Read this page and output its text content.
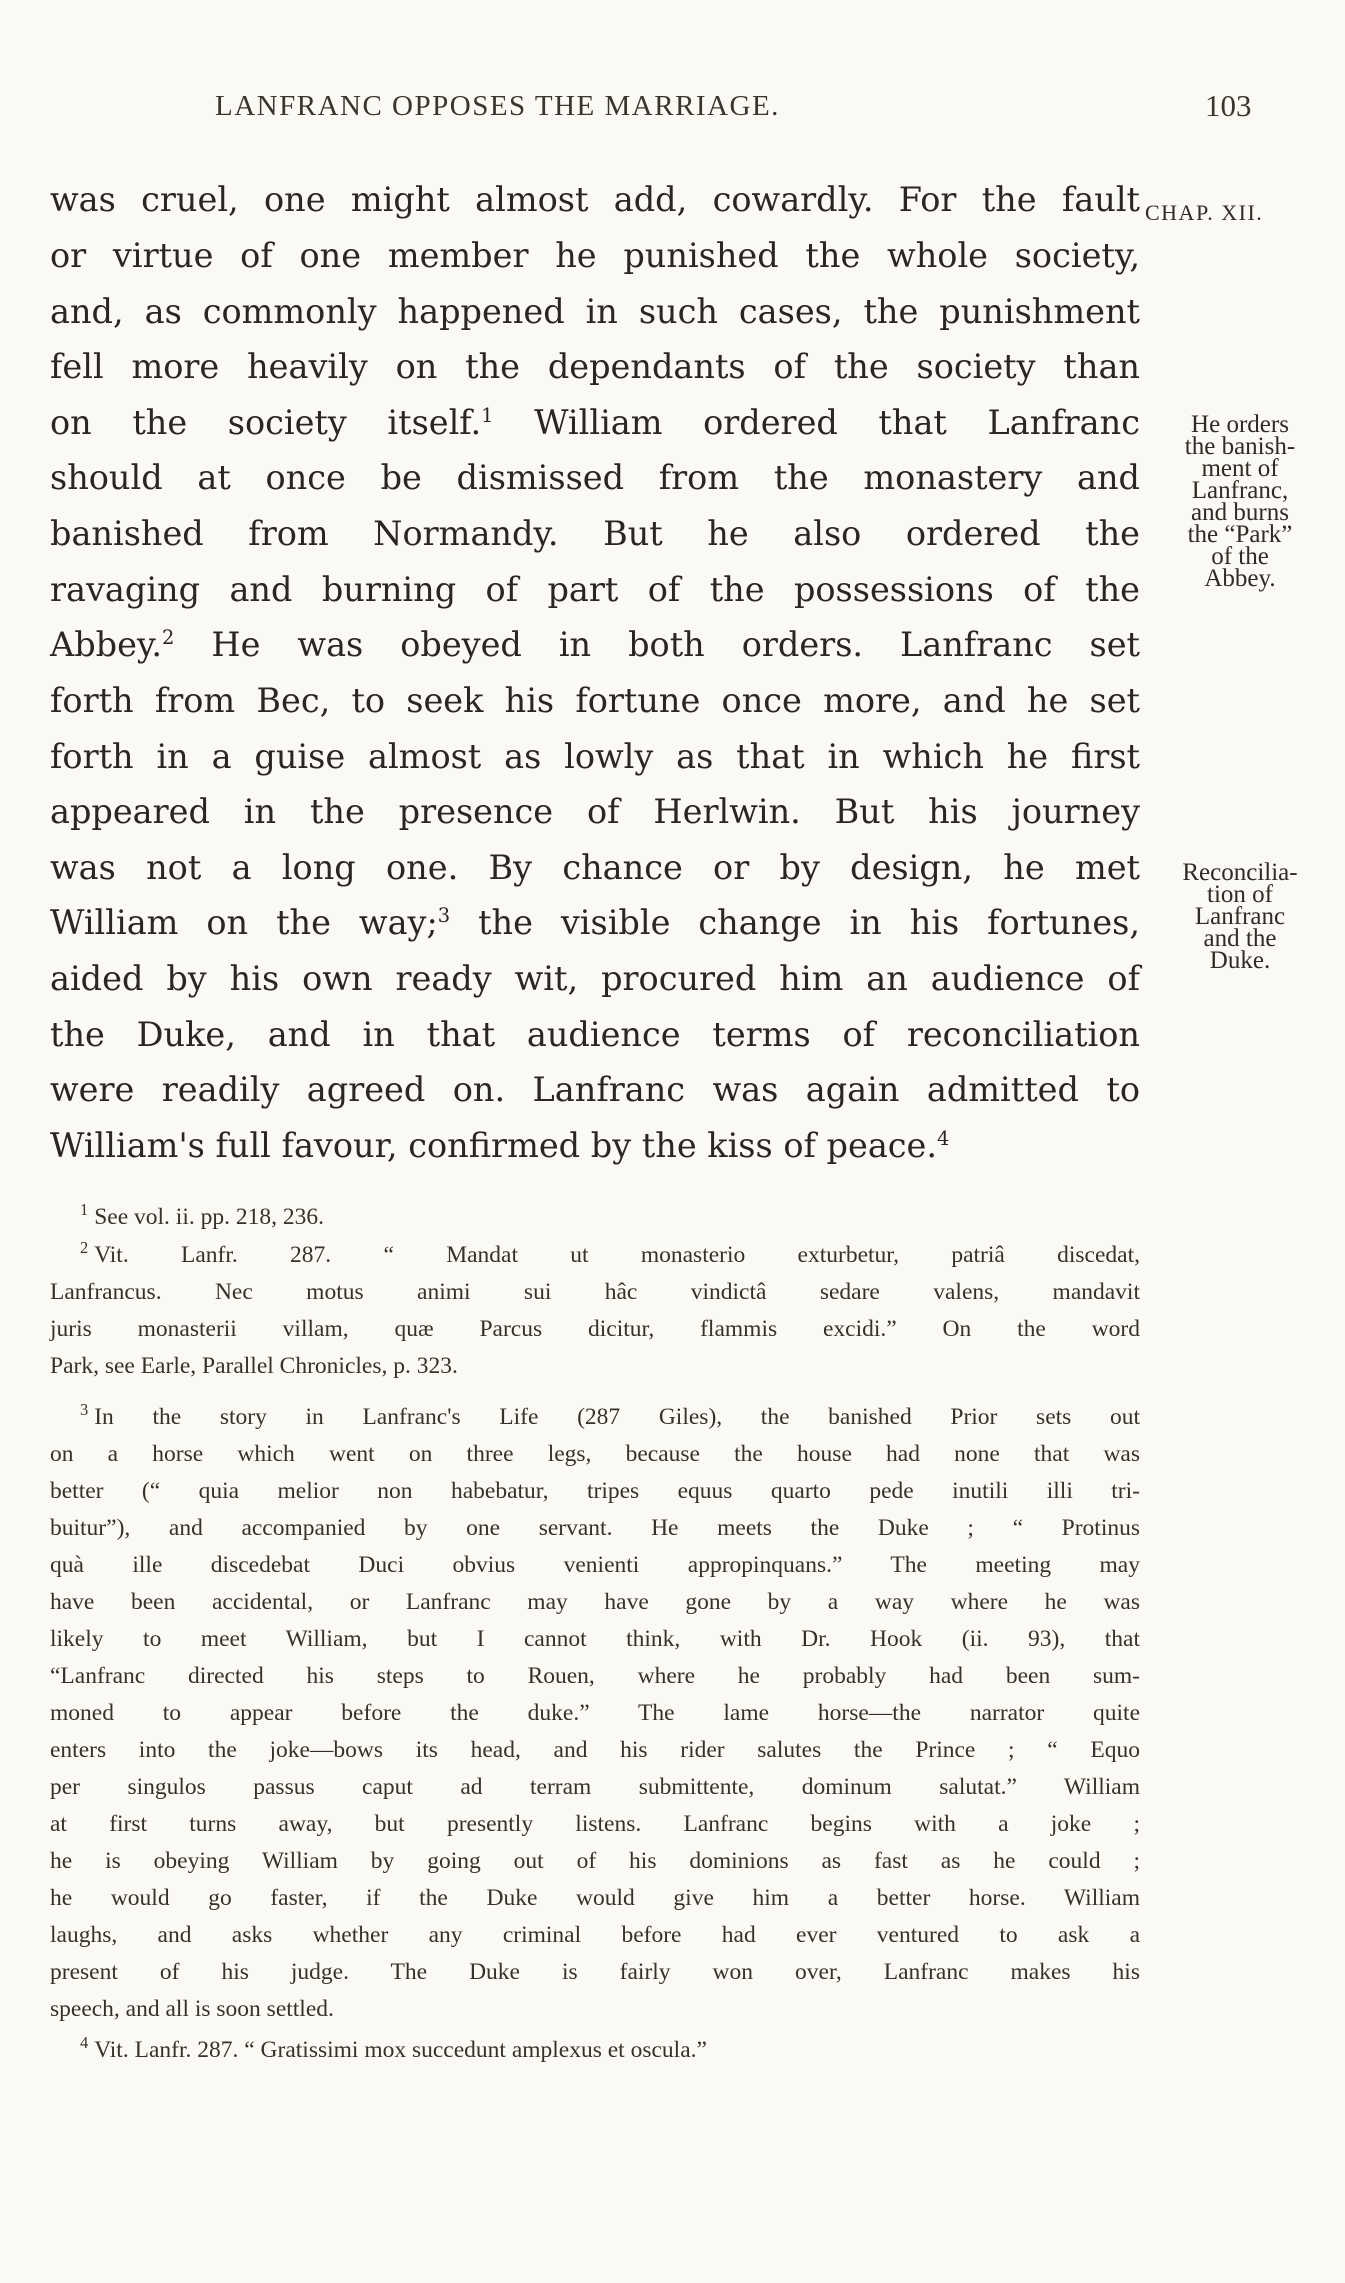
LANFRANC OPPOSES THE MARRIAGE.	103
CHAP. XII.
was cruel, one might almost add, cowardly. For the fault
or virtue of one member he punished the whole society,
and, as commonly happened in such cases, the punishment
fell more heavily on the dependants of the society than
on the society itself.$^1$ William ordered that Lanfranc
should at once be dismissed from the monastery and
banished from Normandy. But he also ordered the
ravaging and burning of part of the possessions of the
Abbey.$^2$ He was obeyed in both orders. Lanfranc set
forth from Bec, to seek his fortune once more, and he set
forth in a guise almost as lowly as that in which he first
appeared in the presence of Herlwin. But his journey
was not a long one. By chance or by design, he met
William on the way;$^3$ the visible change in his fortunes,
aided by his own ready wit, procured him an audience of
the Duke, and in that audience terms of reconciliation
were readily agreed on. Lanfranc was again admitted to
William's full favour, confirmed by the kiss of peace.$^4$
He orders
the banish-
ment of
Lanfranc,
and burns
the “Park”
of the
Abbey.
Reconcilia-
tion of
Lanfranc
and the
Duke.
$^1$ See vol. ii. pp. 218, 236.
$^2$ Vit. Lanfr. 287. “ Mandat ut monasterio exturbetur, patriâ discedat,
Lanfrancus. Nec motus animi sui hâc vindictâ sedare valens, mandavit
juris monasterii villam, quæ Parcus dicitur, flammis excidi.” On the word
Park, see Earle, Parallel Chronicles, p. 323.
$^3$ In the story in Lanfranc's Life (287 Giles), the banished Prior sets out
on a horse which went on three legs, because the house had none that was
better (“ quia melior non habebatur, tripes equus quarto pede inutili illi tri-
buitur”), and accompanied by one servant. He meets the Duke ; “ Protinus
quà ille discedebat Duci obvius venienti appropinquans.” The meeting may
have been accidental, or Lanfranc may have gone by a way where he was
likely to meet William, but I cannot think, with Dr. Hook (ii. 93), that
“Lanfranc directed his steps to Rouen, where he probably had been sum-
moned to appear before the duke.” The lame horse—the narrator quite
enters into the joke—bows its head, and his rider salutes the Prince ; “ Equo
per singulos passus caput ad terram submittente, dominum salutat.” William
at first turns away, but presently listens. Lanfranc begins with a joke ;
he is obeying William by going out of his dominions as fast as he could ;
he would go faster, if the Duke would give him a better horse. William
laughs, and asks whether any criminal before had ever ventured to ask a
present of his judge. The Duke is fairly won over, Lanfranc makes his
speech, and all is soon settled.
$^4$ Vit. Lanfr. 287. “ Gratissimi mox succedunt amplexus et oscula.”
